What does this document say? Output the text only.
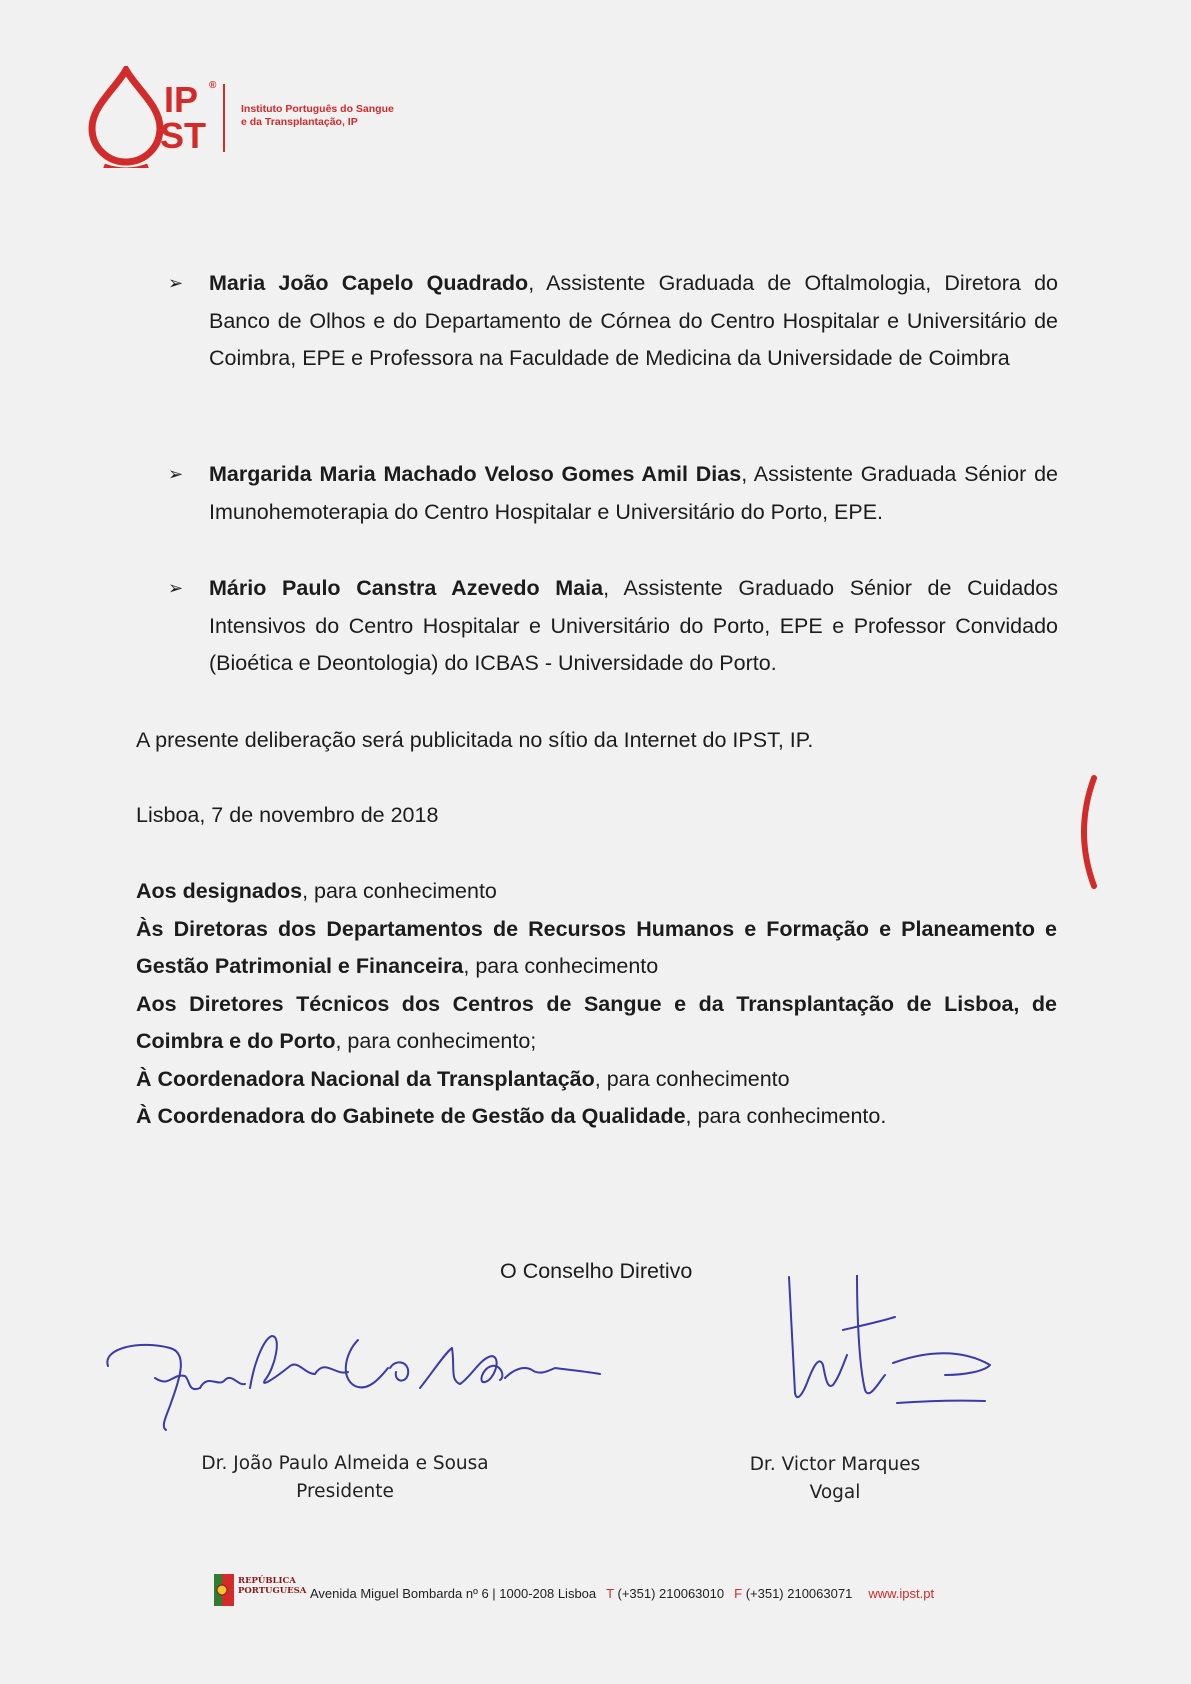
IP ®
ST
Instituto Português do Sangue
e da Transplantação, IP
➢ Maria João Capelo Quadrado, Assistente Graduada de Oftalmologia, Diretora do Banco de Olhos e do Departamento de Córnea do Centro Hospitalar e Universitário de Coimbra, EPE e Professora na Faculdade de Medicina da Universidade de Coimbra
➢ Margarida Maria Machado Veloso Gomes Amil Dias, Assistente Graduada Sénior de Imunohemoterapia do Centro Hospitalar e Universitário do Porto, EPE.
➢ Mário Paulo Canstra Azevedo Maia, Assistente Graduado Sénior de Cuidados Intensivos do Centro Hospitalar e Universitário do Porto, EPE e Professor Convidado (Bioética e Deontologia) do ICBAS - Universidade do Porto.
A presente deliberação será publicitada no sítio da Internet do IPST, IP.
Lisboa, 7 de novembro de 2018
Aos designados, para conhecimento
Às Diretoras dos Departamentos de Recursos Humanos e Formação e Planeamento e Gestão Patrimonial e Financeira, para conhecimento
Aos Diretores Técnicos dos Centros de Sangue e da Transplantação de Lisboa, de Coimbra e do Porto, para conhecimento;
À Coordenadora Nacional da Transplantação, para conhecimento
À Coordenadora do Gabinete de Gestão da Qualidade, para conhecimento.
O Conselho Diretivo
Dr. João Paulo Almeida e Sousa
Presidente
Dr. Victor Marques
Vogal
REPÚBLICA
PORTUGUESA Avenida Miguel Bombarda nº 6 | 1000-208 Lisboa T (+351) 210063010 F (+351) 210063071 www.ipst.pt
